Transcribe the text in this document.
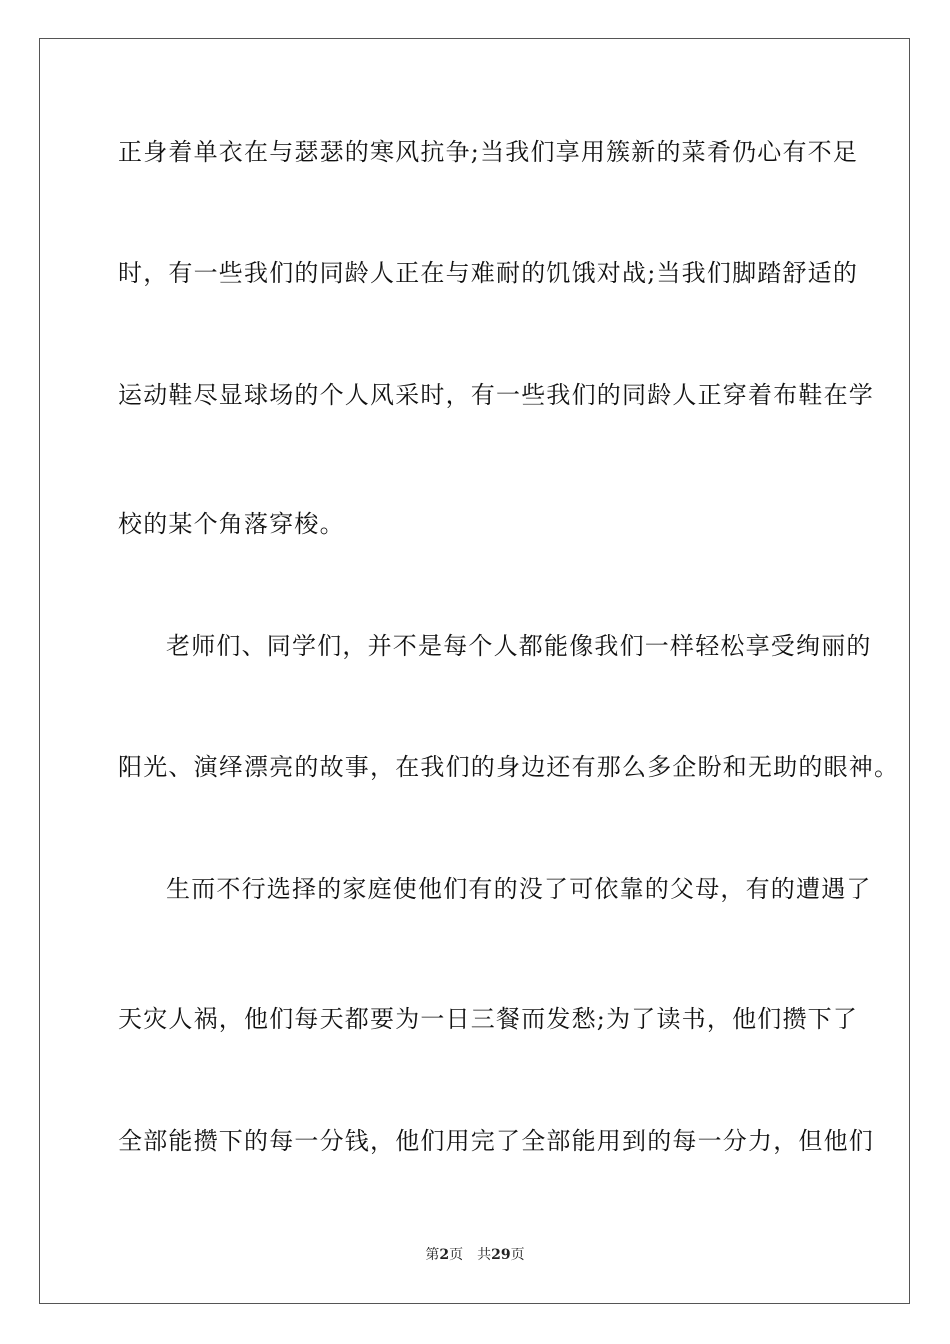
正身着单衣在与瑟瑟的寒风抗争;当我们享用簇新的菜肴仍心有不足
时，有一些我们的同龄人正在与难耐的饥饿对战;当我们脚踏舒适的
运动鞋尽显球场的个人风采时，有一些我们的同龄人正穿着布鞋在学
校的某个角落穿梭。
老师们、同学们，并不是每个人都能像我们一样轻松享受绚丽的
阳光、演绎漂亮的故事，在我们的身边还有那么多企盼和无助的眼神。
生而不行选择的家庭使他们有的没了可依靠的父母，有的遭遇了
天灾人祸，他们每天都要为一日三餐而发愁;为了读书，他们攒下了
全部能攒下的每一分钱，他们用完了全部能用到的每一分力，但他们
第2页 共29页
